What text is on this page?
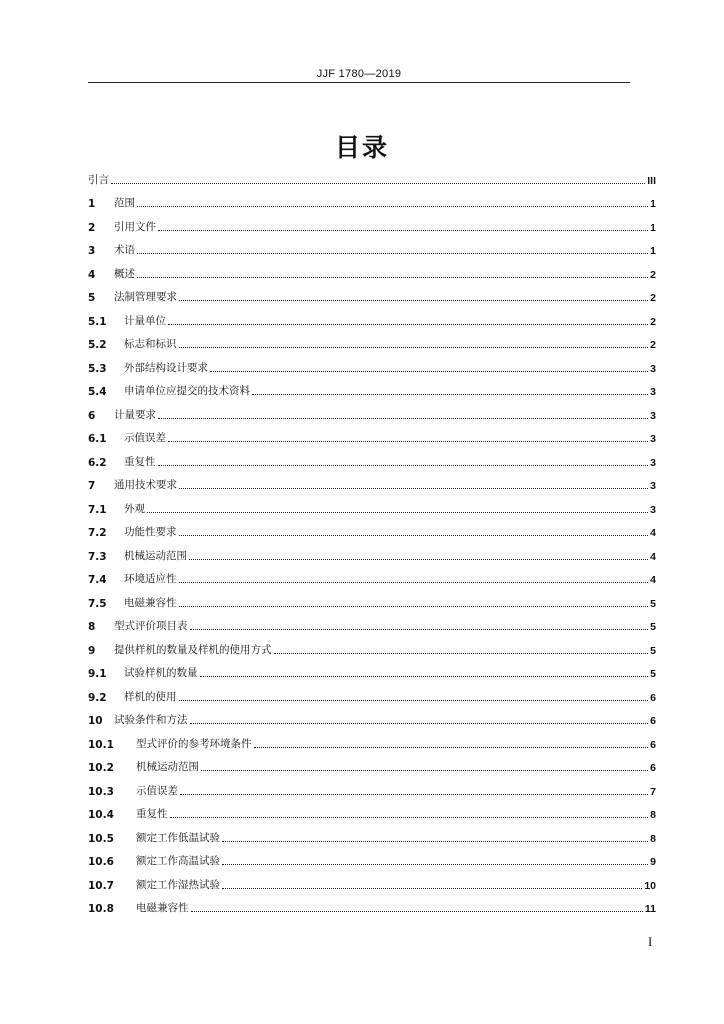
JJF 1780—2019
目录
引言	III
1	范围	1
2	引用文件	1
3	术语	1
4	概述	2
5	法制管理要求	2
5.1	计量单位	2
5.2	标志和标识	2
5.3	外部结构设计要求	3
5.4	申请单位应提交的技术资料	3
6	计量要求	3
6.1	示值误差	3
6.2	重复性	3
7	通用技术要求	3
7.1	外观	3
7.2	功能性要求	4
7.3	机械运动范围	4
7.4	环境适应性	4
7.5	电磁兼容性	5
8	型式评价项目表	5
9	提供样机的数量及样机的使用方式	5
9.1	试验样机的数量	5
9.2	样机的使用	6
10	试验条件和方法	6
10.1	型式评价的参考环境条件	6
10.2	机械运动范围	6
10.3	示值误差	7
10.4	重复性	8
10.5	额定工作低温试验	8
10.6	额定工作高温试验	9
10.7	额定工作湿热试验	10
10.8	电磁兼容性	11
I
